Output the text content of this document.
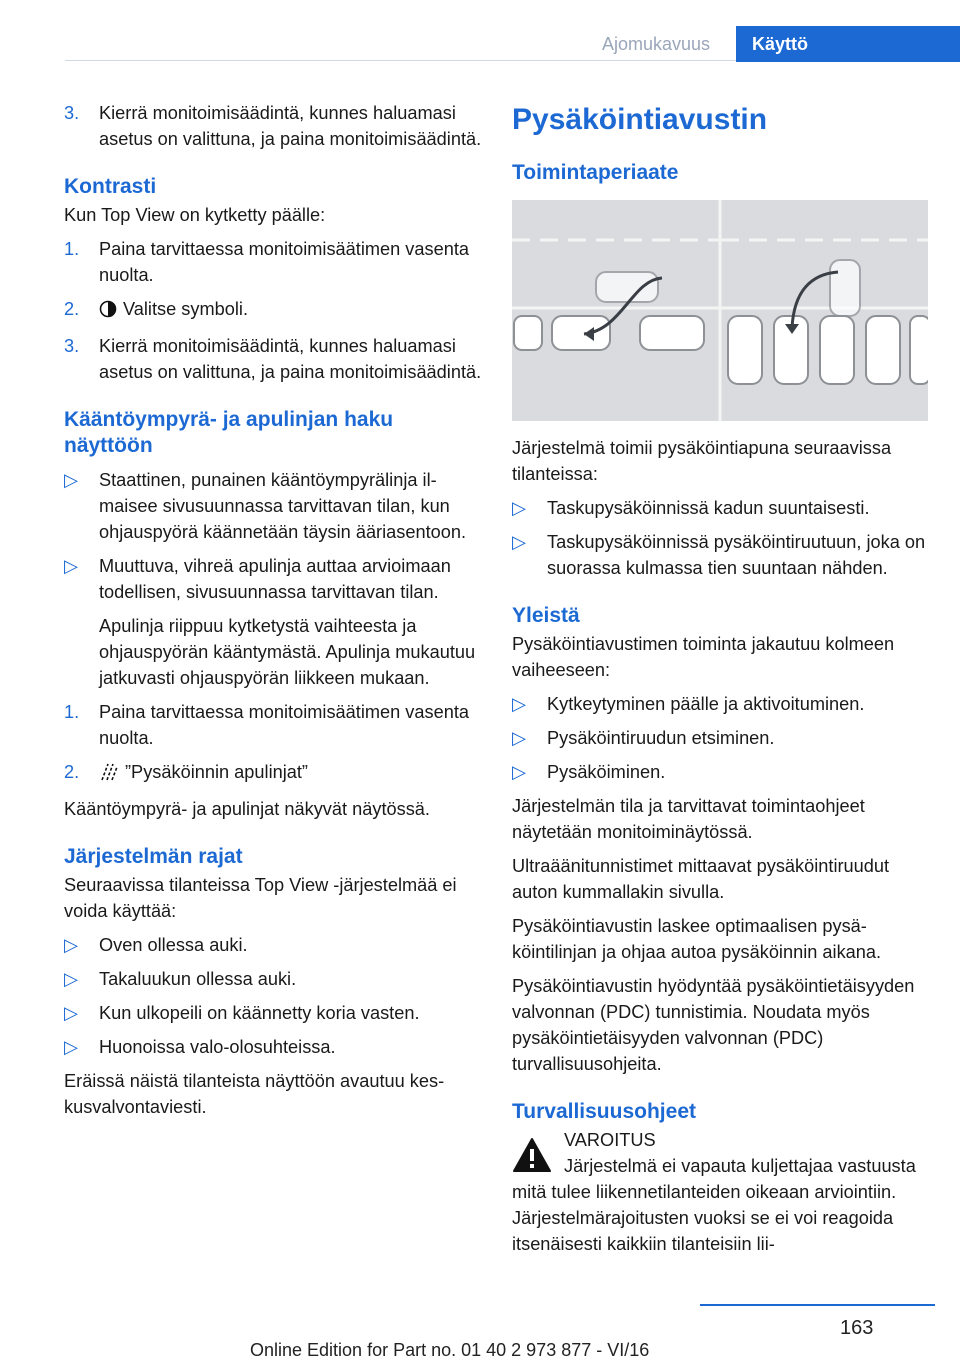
Ajomukavuus	Käyttö
3. Kierrä monitoimisäädintä, kunnes haluamasi asetus on valittuna, ja paina monitoimisäädintä.
Kontrasti

Kun Top View on kytketty päälle:

1. Paina tarvittaessa monitoimisäätimen vasenta nuolta.
2. Valitse symboli.
3. Kierrä monitoimisäädintä, kunnes haluamasi asetus on valittuna, ja paina monitoimisäädintä.
Kääntöympyrä- ja apulinjan haku näyttöön
▷ Staattinen, punainen kääntöympyrälinja ilmaisee sivusuunnassa tarvittavan tilan, kun ohjauspyörä käännetään täysin ääriasentoon.
▷ Muuttuva, vihreä apulinja auttaa arvioimaan todellisen, sivusuunnassa tarvittavan tilan.
Apulinja riippuu kytketystä vaihteesta ja ohjauspyörän kääntymästä. Apulinja mukautuu jatkuvasti ohjauspyörän liikkeen mukaan.
1. Paina tarvittaessa monitoimisäätimen vasenta nuolta.
2.	”Pysäköinnin apulinjat”

Kääntöympyrä- ja apulinjat näkyvät näytössä.

Järjestelmän rajat

Seuraavissa tilanteissa Top View -järjestelmää ei voida käyttää:

▷ Oven ollessa auki.
▷ Takaluukun ollessa auki.
▷ Kun ulkopeili on käännetty koria vasten.
▷ Huonoissa valo-olosuhteissa.

Eräissä näistä tilanteista näyttöön avautuu keskusvalvontaviesti.

Pysäköintiavustin
Toimintaperiaate

Järjestelmä toimii pysäköintiapuna seuraavissa tilanteissa:

▷ Taskupysäköinnissä kadun suuntaisesti.
▷ Taskupysäköinnissä pysäköintiruutuun, joka on suorassa kulmassa tien suuntaan nähden.
Yleistä

Pysäköintiavustimen toiminta jakautuu kolmeen vaiheeseen:

▷ Kytkeytyminen päälle ja aktivoituminen.
▷ Pysäköintiruudun etsiminen.
▷ Pysäköiminen.

Järjestelmän tila ja tarvittavat toimintaohjeet näytetään monitoiminäytössä.

Ultraäänitunnistimet mittaavat pysäköintiruudut auton kummallakin sivulla.

Pysäköintiavustin laskee optimaalisen pysäköintilinjan ja ohjaa autoa pysäköinnin aikana.

Pysäköintiavustin hyödyntää pysäköintietäisyyden valvonnan (PDC) tunnistimia. Noudata myös pysäköintietäisyyden valvonnan (PDC) turvallisuusohjeita.

Turvallisuusohjeet
VAROITUS

Järjestelmä ei vapauta kuljettajaa vastuusta mitä tulee liikennetilanteiden oikeaan arviointiin. Järjestelmärajoitusten vuoksi se ei voi reagoida itsenäisesti kaikkiin tilanteisiin lii-

163
Online Edition for Part no. 01 40 2 973 877 - VI/16
